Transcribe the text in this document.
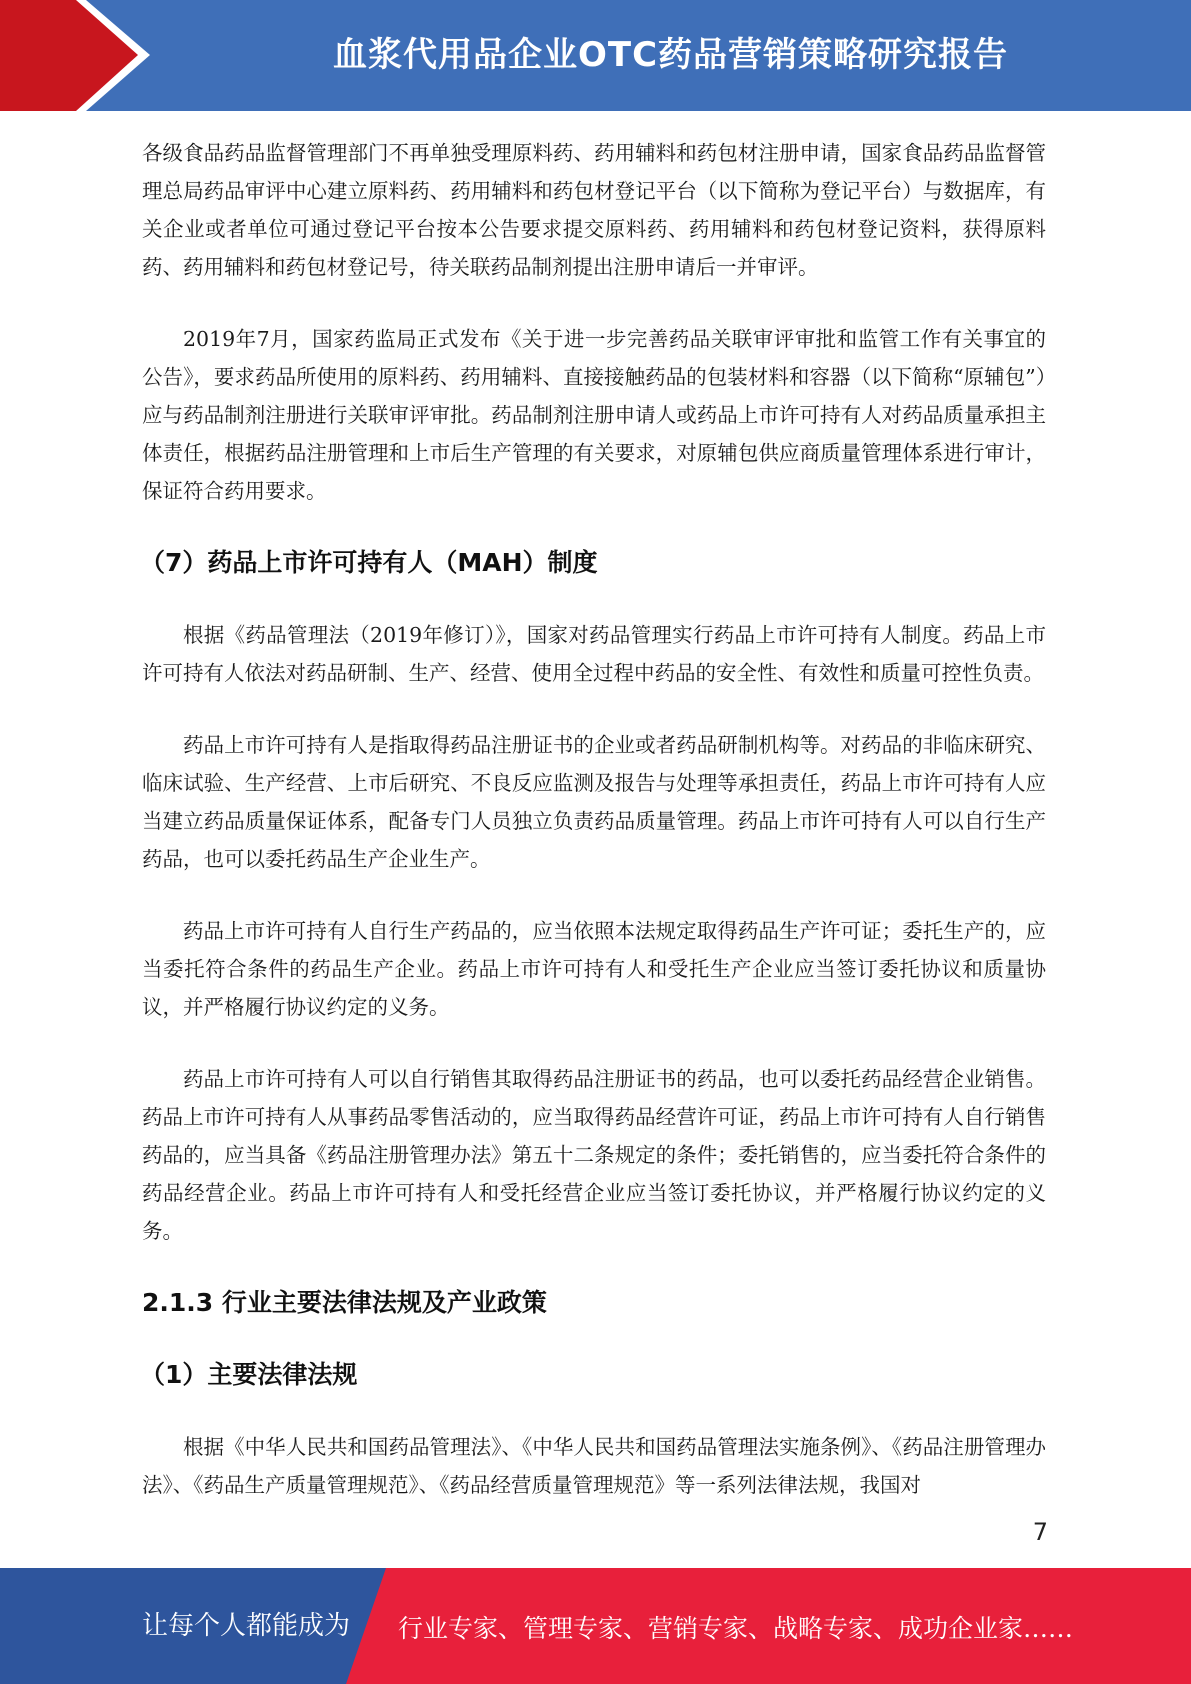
血浆代用品企业OTC药品营销策略研究报告

各级食品药品监督管理部门不再单独受理原料药、药用辅料和药包材注册申请，国家食品药品监督管理总局药品审评中心建立原料药、药用辅料和药包材登记平台（以下简称为登记平台）与数据库，有关企业或者单位可通过登记平台按本公告要求提交原料药、药用辅料和药包材登记资料，获得原料药、药用辅料和药包材登记号，待关联药品制剂提出注册申请后一并审评。

2019年7月，国家药监局正式发布《关于进一步完善药品关联审评审批和监管工作有关事宜的公告》，要求药品所使用的原料药、药用辅料、直接接触药品的包装材料和容器（以下简称“原辅包”）应与药品制剂注册进行关联审评审批。药品制剂注册申请人或药品上市许可持有人对药品质量承担主体责任，根据药品注册管理和上市后生产管理的有关要求，对原辅包供应商质量管理体系进行审计，保证符合药用要求。

（7）药品上市许可持有人（MAH）制度

根据《药品管理法（2019年修订）》，国家对药品管理实行药品上市许可持有人制度。药品上市许可持有人依法对药品研制、生产、经营、使用全过程中药品的安全性、有效性和质量可控性负责。

药品上市许可持有人是指取得药品注册证书的企业或者药品研制机构等。对药品的非临床研究、临床试验、生产经营、上市后研究、不良反应监测及报告与处理等承担责任，药品上市许可持有人应当建立药品质量保证体系，配备专门人员独立负责药品质量管理。药品上市许可持有人可以自行生产药品，也可以委托药品生产企业生产。

药品上市许可持有人自行生产药品的，应当依照本法规定取得药品生产许可证；委托生产的，应当委托符合条件的药品生产企业。药品上市许可持有人和受托生产企业应当签订委托协议和质量协议，并严格履行协议约定的义务。

药品上市许可持有人可以自行销售其取得药品注册证书的药品，也可以委托药品经营企业销售。药品上市许可持有人从事药品零售活动的，应当取得药品经营许可证，药品上市许可持有人自行销售药品的，应当具备《药品注册管理办法》第五十二条规定的条件；委托销售的，应当委托符合条件的药品经营企业。药品上市许可持有人和受托经营企业应当签订委托协议，并严格履行协议约定的义务。

2.1.3 行业主要法律法规及产业政策
（1）主要法律法规

根据《中华人民共和国药品管理法》、《中华人民共和国药品管理法实施条例》、《药品注册管理办法》、《药品生产质量管理规范》、《药品经营质量管理规范》等一系列法律法规，我国对

7
让每个人都能成为 行业专家、管理专家、营销专家、战略专家、成功企业家……
